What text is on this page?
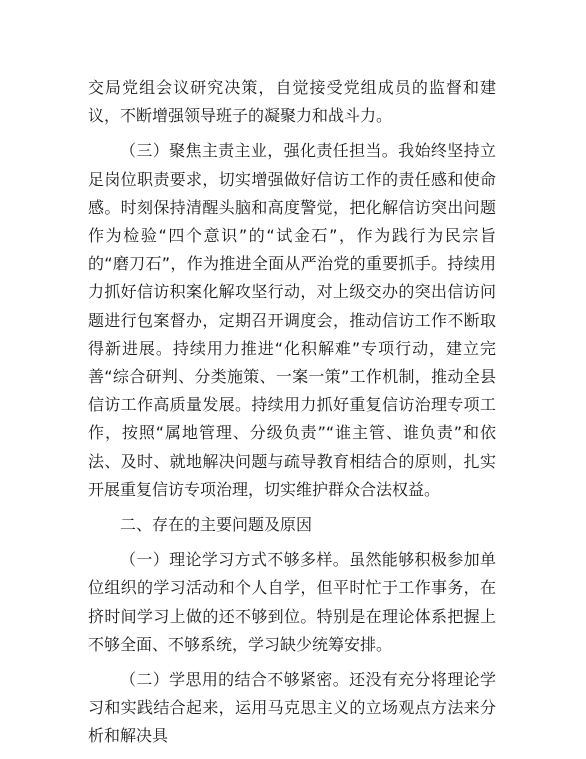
交局党组会议研究决策，自觉接受党组成员的监督和建议，不断增强领导班子的凝聚力和战斗力。

（三）聚焦主责主业，强化责任担当。我始终坚持立足岗位职责要求，切实增强做好信访工作的责任感和使命感。时刻保持清醒头脑和高度警觉，把化解信访突出问题作为检验“四个意识”的“试金石”，作为践行为民宗旨的“磨刀石”，作为推进全面从严治党的重要抓手。持续用力抓好信访积案化解攻坚行动，对上级交办的突出信访问题进行包案督办，定期召开调度会，推动信访工作不断取得新进展。持续用力推进“化积解难”专项行动，建立完善“综合研判、分类施策、一案一策”工作机制，推动全县信访工作高质量发展。持续用力抓好重复信访治理专项工作，按照“属地管理、分级负责”“谁主管、谁负责”和依法、及时、就地解决问题与疏导教育相结合的原则，扎实开展重复信访专项治理，切实维护群众合法权益。

二、存在的主要问题及原因

（一）理论学习方式不够多样。虽然能够积极参加单位组织的学习活动和个人自学，但平时忙于工作事务，在挤时间学习上做的还不够到位。特别是在理论体系把握上不够全面、不够系统，学习缺少统筹安排。

（二）学思用的结合不够紧密。还没有充分将理论学习和实践结合起来，运用马克思主义的立场观点方法来分析和解决具
